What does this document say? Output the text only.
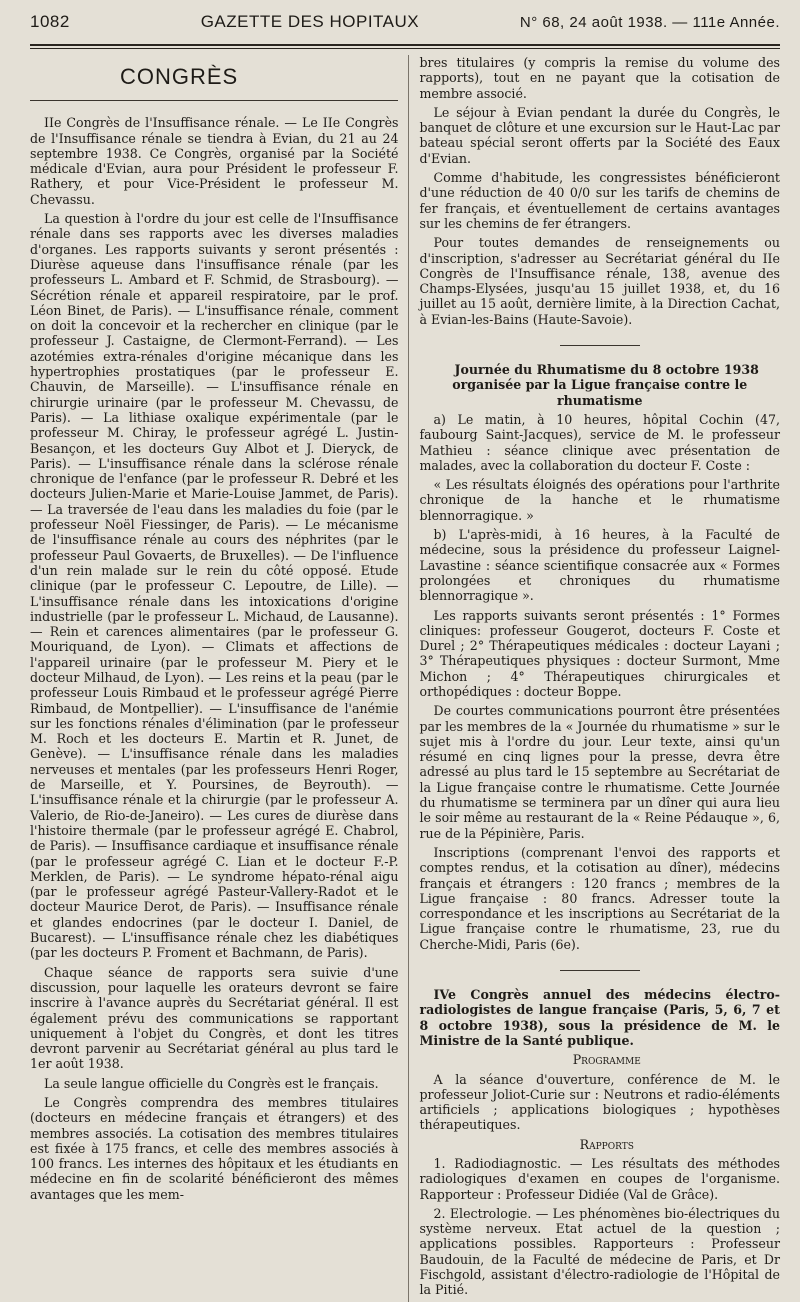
1082	GAZETTE DES HOPITAUX	N° 68, 24 août 1938. — 111e Année.
CONGRÈS

IIe Congrès de l'Insuffisance rénale. — Le IIe Congrès de l'Insuffisance rénale se tiendra à Evian, du 21 au 24 septembre 1938. Ce Congrès, organisé par la Société médicale d'Evian, aura pour Président le professeur F. Rathery, et pour Vice-Président le professeur M. Chevassu.

La question à l'ordre du jour est celle de l'Insuffisance rénale dans ses rapports avec les diverses maladies d'organes. Les rapports suivants y seront présentés : Diurèse aqueuse dans l'insuffisance rénale (par les professeurs L. Ambard et F. Schmid, de Strasbourg). — Sécrétion rénale et appareil respiratoire, par le prof. Léon Binet, de Paris). — L'insuffisance rénale, comment on doit la concevoir et la rechercher en clinique (par le professeur J. Castaigne, de Clermont-Ferrand). — Les azotémies extra-rénales d'origine mécanique dans les hypertrophies prostatiques (par le professeur E. Chauvin, de Marseille). — L'insuffisance rénale en chirurgie urinaire (par le professeur M. Chevassu, de Paris). — La lithiase oxalique expérimentale (par le professeur M. Chiray, le professeur agrégé L. Justin-Besançon, et les docteurs Guy Albot et J. Dieryck, de Paris). — L'insuffisance rénale dans la sclérose rénale chronique de l'enfance (par le professeur R. Debré et les docteurs Julien-Marie et Marie-Louise Jammet, de Paris). — La traversée de l'eau dans les maladies du foie (par le professeur Noël Fiessinger, de Paris). — Le mécanisme de l'insuffisance rénale au cours des néphrites (par le professeur Paul Govaerts, de Bruxelles). — De l'influence d'un rein malade sur le rein du côté opposé. Etude clinique (par le professeur C. Lepoutre, de Lille). — L'insuffisance rénale dans les intoxications d'origine industrielle (par le professeur L. Michaud, de Lausanne). — Rein et carences alimentaires (par le professeur G. Mouriquand, de Lyon). — Climats et affections de l'appareil urinaire (par le professeur M. Piery et le docteur Milhaud, de Lyon). — Les reins et la peau (par le professeur Louis Rimbaud et le professeur agrégé Pierre Rimbaud, de Montpellier). — L'insuffisance de l'anémie sur les fonctions rénales d'élimination (par le professeur M. Roch et les docteurs E. Martin et R. Junet, de Genève). — L'insuffisance rénale dans les maladies nerveuses et mentales (par les professeurs Henri Roger, de Marseille, et Y. Poursines, de Beyrouth). — L'insuffisance rénale et la chirurgie (par le professeur A. Valerio, de Rio-de-Janeiro). — Les cures de diurèse dans l'histoire thermale (par le professeur agrégé E. Chabrol, de Paris). — Insuffisance cardiaque et insuffisance rénale (par le professeur agrégé C. Lian et le docteur F.-P. Merklen, de Paris). — Le syndrome hépato-rénal aigu (par le professeur agrégé Pasteur-Vallery-Radot et le docteur Maurice Derot, de Paris). — Insuffisance rénale et glandes endocrines (par le docteur I. Daniel, de Bucarest). — L'insuffisance rénale chez les diabétiques (par les docteurs P. Froment et Bachmann, de Paris).

Chaque séance de rapports sera suivie d'une discussion, pour laquelle les orateurs devront se faire inscrire à l'avance auprès du Secrétariat général. Il est également prévu des communications se rapportant uniquement à l'objet du Congrès, et dont les titres devront parvenir au Secrétariat général au plus tard le 1er août 1938.

La seule langue officielle du Congrès est le français.

Le Congrès comprendra des membres titulaires (docteurs en médecine français et étrangers) et des membres associés. La cotisation des membres titulaires est fixée à 175 francs, et celle des membres associés à 100 francs. Les internes des hôpitaux et les étudiants en médecine en fin de scolarité bénéficieront des mêmes avantages que les mem-

bres titulaires (y compris la remise du volume des rapports), tout en ne payant que la cotisation de membre associé.

Le séjour à Evian pendant la durée du Congrès, le banquet de clôture et une excursion sur le Haut-Lac par bateau spécial seront offerts par la Société des Eaux d'Evian.

Comme d'habitude, les congressistes bénéficieront d'une réduction de 40 0/0 sur les tarifs de chemins de fer français, et éventuellement de certains avantages sur les chemins de fer étrangers.

Pour toutes demandes de renseignements ou d'inscription, s'adresser au Secrétariat général du IIe Congrès de l'Insuffisance rénale, 138, avenue des Champs-Elysées, jusqu'au 15 juillet 1938, et, du 16 juillet au 15 août, dernière limite, à la Direction Cachat, à Evian-les-Bains (Haute-Savoie).

Journée du Rhumatisme du 8 octobre 1938 organisée par la Ligue française contre le rhumatisme

a) Le matin, à 10 heures, hôpital Cochin (47, faubourg Saint-Jacques), service de M. le professeur Mathieu : séance clinique avec présentation de malades, avec la collaboration du docteur F. Coste :

« Les résultats éloignés des opérations pour l'arthrite chronique de la hanche et le rhumatisme blennorragique. »

b) L'après-midi, à 16 heures, à la Faculté de médecine, sous la présidence du professeur Laignel-Lavastine : séance scientifique consacrée aux « Formes prolongées et chroniques du rhumatisme blennorragique ».

Les rapports suivants seront présentés : 1° Formes cliniques: professeur Gougerot, docteurs F. Coste et Durel ; 2° Thérapeutiques médicales : docteur Layani ; 3° Thérapeutiques physiques : docteur Surmont, Mme Michon ; 4° Thérapeutiques chirurgicales et orthopédiques : docteur Boppe.

De courtes communications pourront être présentées par les membres de la « Journée du rhumatisme » sur le sujet mis à l'ordre du jour. Leur texte, ainsi qu'un résumé en cinq lignes pour la presse, devra être adressé au plus tard le 15 septembre au Secrétariat de la Ligue française contre le rhumatisme. Cette Journée du rhumatisme se terminera par un dîner qui aura lieu le soir même au restaurant de la « Reine Pédauque », 6, rue de la Pépinière, Paris.

Inscriptions (comprenant l'envoi des rapports et comptes rendus, et la cotisation au dîner), médecins français et étrangers : 120 francs ; membres de la Ligue française : 80 francs. Adresser toute la correspondance et les inscriptions au Secrétariat de la Ligue française contre le rhumatisme, 23, rue du Cherche-Midi, Paris (6e).

IVe Congrès annuel des médecins électro-radiologistes de langue française (Paris, 5, 6, 7 et 8 octobre 1938), sous la présidence de M. le Ministre de la Santé publique.

Programme

A la séance d'ouverture, conférence de M. le professeur Joliot-Curie sur : Neutrons et radio-éléments artificiels ; applications biologiques ; hypothèses thérapeutiques.

Rapports

1. Radiodiagnostic. — Les résultats des méthodes radiologiques d'examen en coupes de l'organisme. Rapporteur : Professeur Didiée (Val de Grâce).

2. Electrologie. — Les phénomènes bio-électriques du système nerveux. Etat actuel de la question ; applications possibles. Rapporteurs : Professeur Baudouin, de la Faculté de médecine de Paris, et Dr Fischgold, assistant d'électro-radiologie de l'Hôpital de la Pitié.
